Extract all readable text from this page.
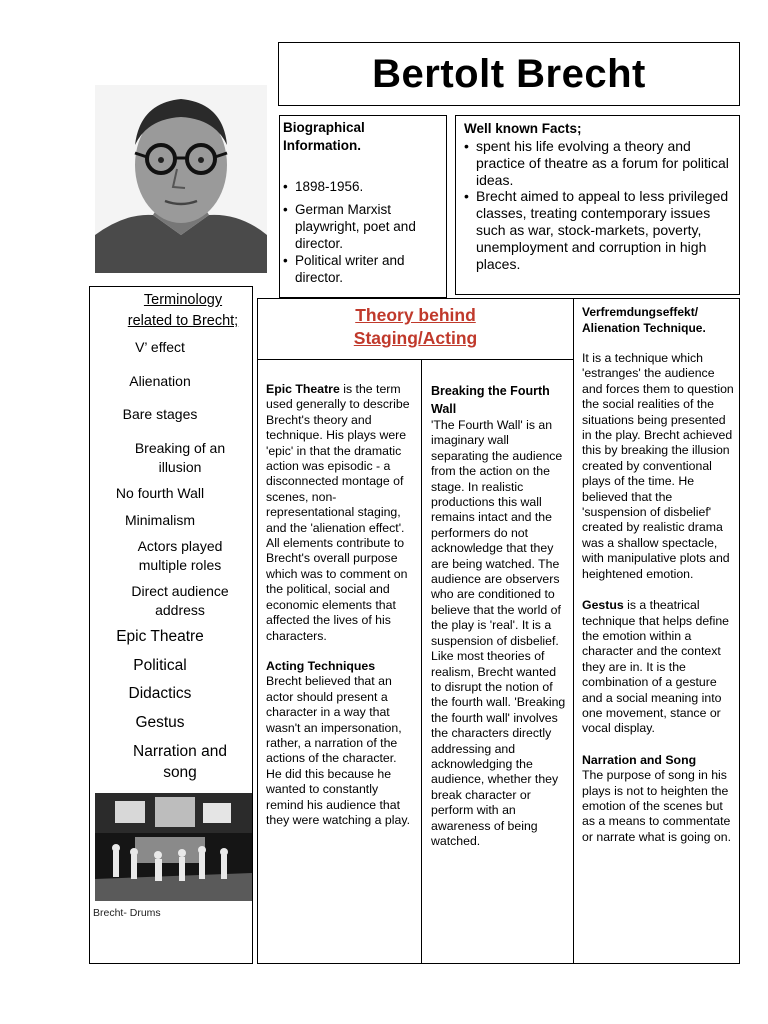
Bertolt Brecht
Biographical Information.
• 1898-1956.
• German Marxist playwright, poet and director.
• Political writer and director.
Well known Facts;
• spent his life evolving a theory and practice of theatre as a forum for political ideas.
• Brecht aimed to appeal to less privileged classes, treating contemporary issues such as war, stock-markets, poverty, unemployment and corruption in high places.
Terminology
related to Brecht;
V’ effect
Alienation
Bare stages
Breaking of an illusion
No fourth Wall
Minimalism
Actors played multiple roles
Direct audience address
Epic Theatre
Political
Didactics
Gestus
Narration and song
Brecht- Drums
Theory behind
Staging/Acting
Epic Theatre is the term used generally to describe Brecht's theory and technique. His plays were 'epic' in that the dramatic action was episodic - a disconnected montage of scenes, non-representational staging, and the 'alienation effect'. All elements contribute to Brecht's overall purpose which was to comment on the political, social and economic elements that affected the lives of his characters.
Acting Techniques
Brecht believed that an actor should present a character in a way that wasn't an impersonation, rather, a narration of the actions of the character. He did this because he wanted to constantly remind his audience that they were watching a play.
Breaking the Fourth Wall
'The Fourth Wall' is an imaginary wall separating the audience from the action on the stage. In realistic productions this wall remains intact and the performers do not acknowledge that they are being watched. The audience are observers who are conditioned to believe that the world of the play is 'real'. It is a suspension of disbelief. Like most theories of realism, Brecht wanted to disrupt the notion of the fourth wall. 'Breaking the fourth wall' involves the characters directly addressing and acknowledging the audience, whether they break character or perform with an awareness of being watched.
Verfremdungseffekt/ Alienation Technique.
It is a technique which 'estranges' the audience and forces them to question the social realities of the situations being presented in the play. Brecht achieved this by breaking the illusion created by conventional plays of the time. He believed that the 'suspension of disbelief' created by realistic drama was a shallow spectacle, with manipulative plots and heightened emotion.
Gestus is a theatrical technique that helps define the emotion within a character and the context they are in. It is the combination of a gesture and a social meaning into one movement, stance or vocal display.
Narration and Song
The purpose of song in his plays is not to heighten the emotion of the scenes but as a means to commentate or narrate what is going on.
